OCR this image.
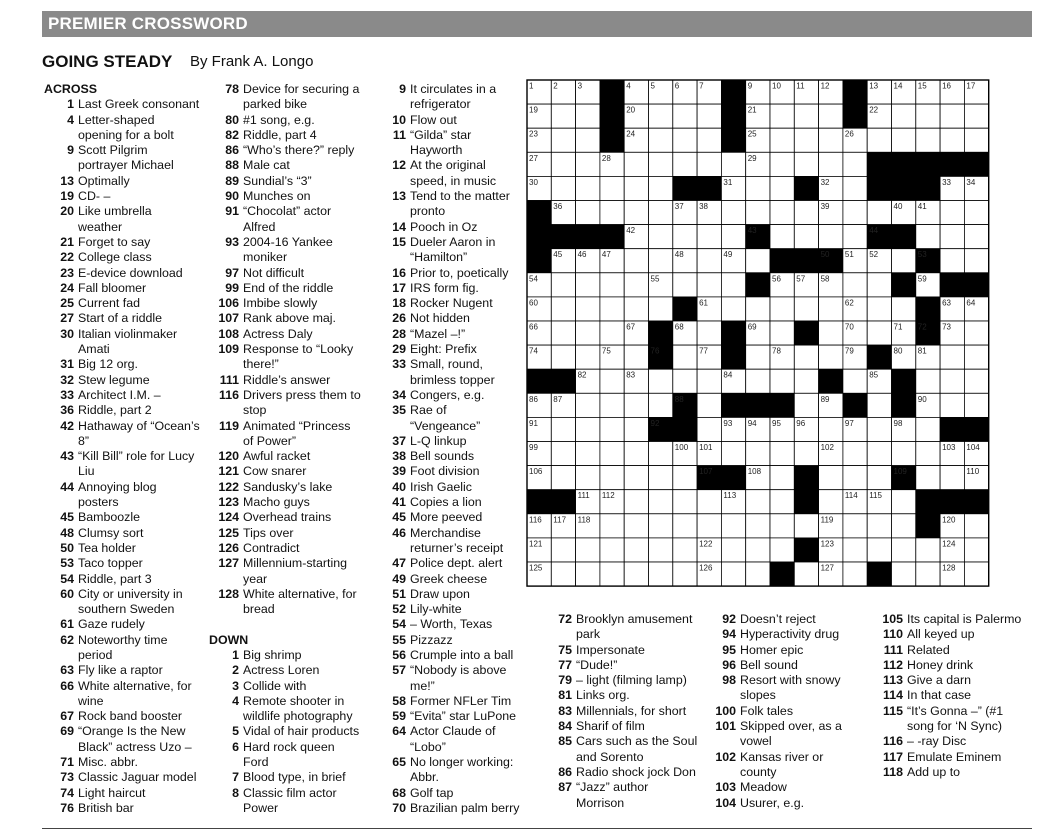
PREMIER CROSSWORD
GOING STEADY By Frank A. Longo
ACROSS
1 Last Greek consonant
4 Letter-shaped
opening for a bolt
9 Scott Pilgrim
portrayer Michael
13 Optimally
19 CD- –
20 Like umbrella
weather
21 Forget to say
22 College class
23 E-device download
24 Fall bloomer
25 Current fad
27 Start of a riddle
30 Italian violinmaker
Amati
31 Big 12 org.
32 Stew legume
33 Architect I.M. –
36 Riddle, part 2
42 Hathaway of “Ocean’s
8”
43 “Kill Bill” role for Lucy
Liu
44 Annoying blog
posters
45 Bamboozle
48 Clumsy sort
50 Tea holder
53 Taco topper
54 Riddle, part 3
60 City or university in
southern Sweden
61 Gaze rudely
62 Noteworthy time
period
63 Fly like a raptor
66 White alternative, for
wine
67 Rock band booster
69 “Orange Is the New
Black” actress Uzo –
71 Misc. abbr.
73 Classic Jaguar model
74 Light haircut
76 British bar
78 Device for securing a
parked bike
80 #1 song, e.g.
82 Riddle, part 4
86 “Who’s there?” reply
88 Male cat
89 Sundial’s “3”
90 Munches on
91 “Chocolat” actor
Alfred
93 2004-16 Yankee
moniker
97 Not difficult
99 End of the riddle
106 Imbibe slowly
107 Rank above maj.
108 Actress Daly
109 Response to “Looky
there!”
111 Riddle’s answer
116 Drivers press them to
stop
119 Animated “Princess
of Power”
120 Awful racket
121 Cow snarer
122 Sandusky’s lake
123 Macho guys
124 Overhead trains
125 Tips over
126 Contradict
127 Millennium-starting
year
128 White alternative, for
bread

DOWN
1 Big shrimp
2 Actress Loren
3 Collide with
4 Remote shooter in
wildlife photography
5 Vidal of hair products
6 Hard rock queen
Ford
7 Blood type, in brief
8 Classic film actor
Power
9 It circulates in a
refrigerator
10 Flow out
11 “Gilda” star
Hayworth
12 At the original
speed, in music
13 Tend to the matter
pronto
14 Pooch in Oz
15 Dueler Aaron in
“Hamilton”
16 Prior to, poetically
17 IRS form fig.
18 Rocker Nugent
26 Not hidden
28 “Mazel –!”
29 Eight: Prefix
33 Small, round,
brimless topper
34 Congers, e.g.
35 Rae of
“Vengeance”
37 L-Q linkup
38 Bell sounds
39 Foot division
40 Irish Gaelic
41 Copies a lion
45 More peeved
46 Merchandise
returner’s receipt
47 Police dept. alert
49 Greek cheese
51 Draw upon
52 Lily-white
54 – Worth, Texas
55 Pizzazz
56 Crumple into a ball
57 “Nobody is above
me!”
58 Former NFLer Tim
59 “Evita” star LuPone
64 Actor Claude of
“Lobo”
65 No longer working:
Abbr.
68 Golf tap
70 Brazilian palm berry
72 Brooklyn amusement
park
75 Impersonate
77 “Dude!”
79 – light (filming lamp)
81 Links org.
83 Millennials, for short
84 Sharif of film
85 Cars such as the Soul
and Sorento
86 Radio shock jock Don
87 “Jazz” author
Morrison
92 Doesn’t reject
94 Hyperactivity drug
95 Homer epic
96 Bell sound
98 Resort with snowy
slopes
100 Folk tales
101 Skipped over, as a
vowel
102 Kansas river or
county
103 Meadow
104 Usurer, e.g.
105 Its capital is Palermo
110 All keyed up
111 Related
112 Honey drink
113 Give a darn
114 In that case
115 “It’s Gonna –” (#1
song for ‘N Sync)
116 – -ray Disc
117 Emulate Eminem
118 Add up to
1 2 3	4 5 6 7	9 10 11 12	13 14 15 16 17
19	20	21	22
23	24	25	26
27	28	29
30	31	32	33 34
36	37 38	39	40 41
42	43	44
45 46 47	48	49	50 51 52	53
54	55	56 57 58	59
60	61	62	63 64
66	67	68	69	70	71 72 73
74	75	76	77	78	79	80 81
82	83	84	85
86 87	88	89	90
91	92	93 94 95 96	97	98
99	100 101	102	103 104
106	107	108	109	110
111 112	113	114 115
116 117 118	119	120
121	122	123	124
125	126	127	128
